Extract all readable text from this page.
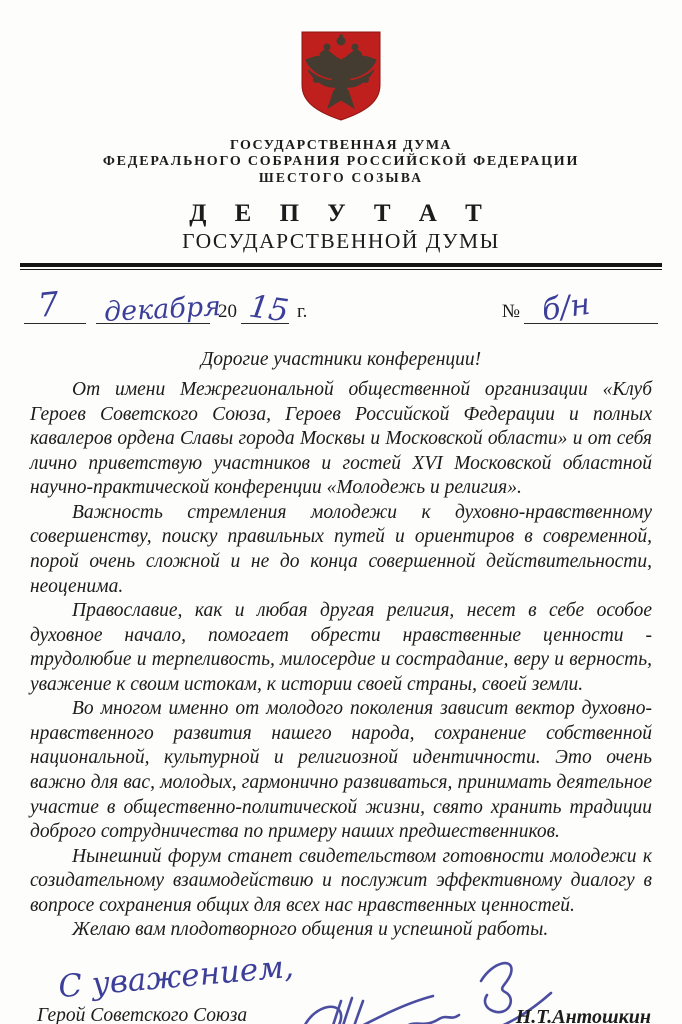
ГОСУДАРСТВЕННАЯ ДУМА
ФЕДЕРАЛЬНОГО СОБРАНИЯ РОССИЙСКОЙ ФЕДЕРАЦИИ
ШЕСТОГО СОЗЫВА
Д Е П У Т А Т
ГОСУДАРСТВЕННОЙ ДУМЫ
7 декабря
20 15 г.	№ б/н
Дорогие участники конференции!

От имени Межрегиональной общественной организации «Клуб Героев Советского Союза, Героев Российской Федерации и полных кавалеров ордена Славы города Москвы и Московской области» и от себя лично приветствую участников и гостей XVI Московской областной научно-практической конференции «Молодежь и религия».

Важность стремления молодежи к духовно-нравственному совершенству, поиску правильных путей и ориентиров в современной, порой очень сложной и не до конца совершенной действительности, неоценима.

Православие, как и любая другая религия, несет в себе особое духовное начало, помогает обрести нравственные ценности - трудолюбие и терпеливость, милосердие и сострадание, веру и верность, уважение к своим истокам, к истории своей страны, своей земли.

Во многом именно от молодого поколения зависит вектор духовно-нравственного развития нашего народа, сохранение собственной национальной, культурной и религиозной идентичности. Это очень важно для вас, молодых, гармонично развиваться, принимать деятельное участие в общественно-политической жизни, свято хранить традиции доброго сотрудничества по примеру наших предшественников.

Нынешний форум станет свидетельством готовности молодежи к созидательному взаимодействию и послужит эффективному диалогу в вопросе сохранения общих для всех нас нравственных ценностей.

Желаю вам плодотворного общения и успешной работы.

С уважением,
Герой Советского Союза	Н.Т.Антошкин
